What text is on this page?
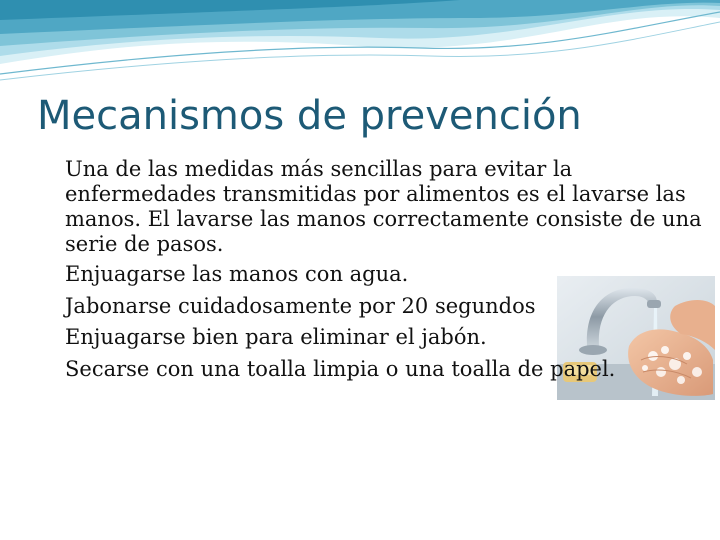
Mecanismos de prevención

Una de las medidas más sencillas para evitar la enfermedades transmitidas por alimentos es el lavarse las manos. El lavarse las manos correctamente consiste de una serie de pasos.

Enjuagarse las manos con agua.

Jabonarse cuidadosamente por 20 segundos

Enjuagarse bien para eliminar el jabón.

Secarse con una toalla limpia o una toalla de papel.
